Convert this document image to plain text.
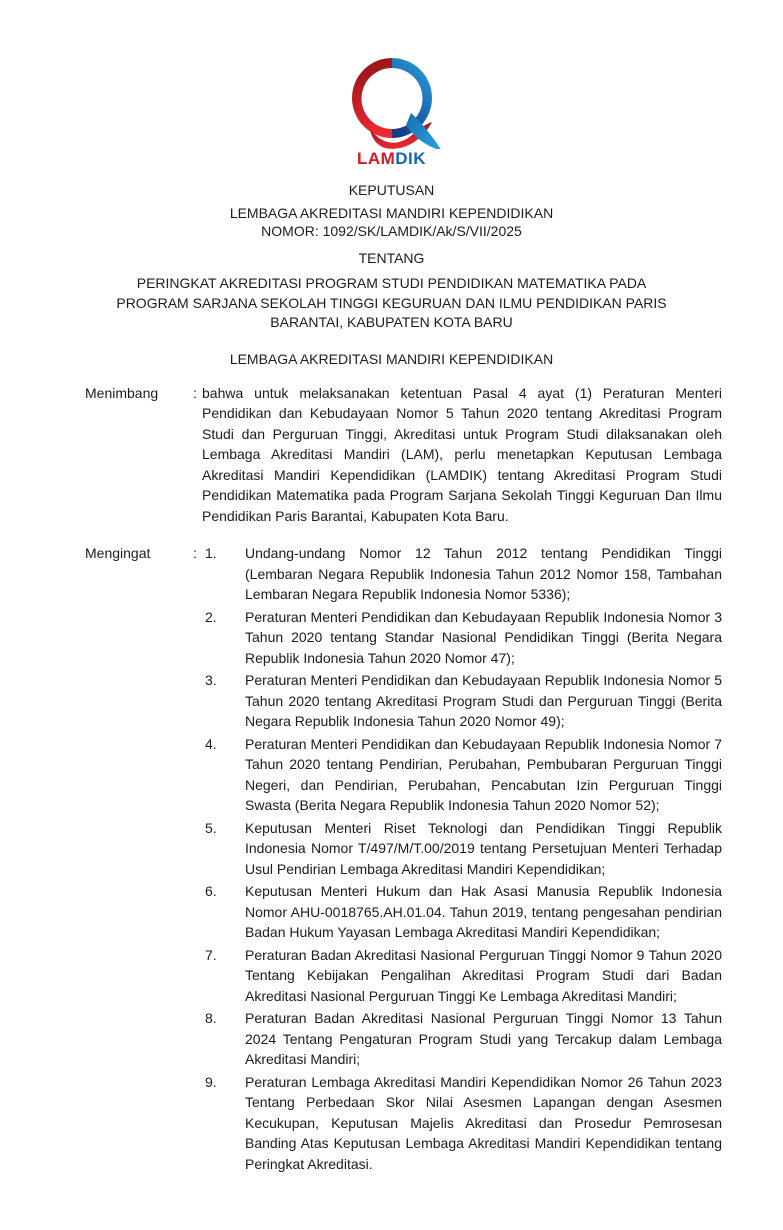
LAMDIK
KEPUTUSAN
LEMBAGA AKREDITASI MANDIRI KEPENDIDIKAN
NOMOR: 1092/SK/LAMDIK/Ak/S/VII/2025
TENTANG
PERINGKAT AKREDITASI PROGRAM STUDI PENDIDIKAN MATEMATIKA PADA
PROGRAM SARJANA SEKOLAH TINGGI KEGURUAN DAN ILMU PENDIDIKAN PARIS
BARANTAI, KABUPATEN KOTA BARU
LEMBAGA AKREDITASI MANDIRI KEPENDIDIKAN
Menimbang	: bahwa untuk melaksanakan ketentuan Pasal 4 ayat (1) Peraturan Menteri Pendidikan dan Kebudayaan Nomor 5 Tahun 2020 tentang Akreditasi Program Studi dan Perguruan Tinggi, Akreditasi untuk Program Studi dilaksanakan oleh Lembaga Akreditasi Mandiri (LAM), perlu menetapkan Keputusan Lembaga Akreditasi Mandiri Kependidikan (LAMDIK) tentang Akreditasi Program Studi Pendidikan Matematika pada Program Sarjana Sekolah Tinggi Keguruan Dan Ilmu Pendidikan Paris Barantai, Kabupaten Kota Baru.
Mengingat	: 1.	Undang-undang Nomor 12 Tahun 2012 tentang Pendidikan Tinggi (Lembaran Negara Republik Indonesia Tahun 2012 Nomor 158, Tambahan Lembaran Negara Republik Indonesia Nomor 5336);
2.	Peraturan Menteri Pendidikan dan Kebudayaan Republik Indonesia Nomor 3 Tahun 2020 tentang Standar Nasional Pendidikan Tinggi (Berita Negara Republik Indonesia Tahun 2020 Nomor 47);
3.	Peraturan Menteri Pendidikan dan Kebudayaan Republik Indonesia Nomor 5 Tahun 2020 tentang Akreditasi Program Studi dan Perguruan Tinggi (Berita Negara Republik Indonesia Tahun 2020 Nomor 49);
4.	Peraturan Menteri Pendidikan dan Kebudayaan Republik Indonesia Nomor 7 Tahun 2020 tentang Pendirian, Perubahan, Pembubaran Perguruan Tinggi Negeri, dan Pendirian, Perubahan, Pencabutan Izin Perguruan Tinggi Swasta (Berita Negara Republik Indonesia Tahun 2020 Nomor 52);
5.	Keputusan Menteri Riset Teknologi dan Pendidikan Tinggi Republik Indonesia Nomor T/497/M/T.00/2019 tentang Persetujuan Menteri Terhadap Usul Pendirian Lembaga Akreditasi Mandiri Kependidikan;
6.	Keputusan Menteri Hukum dan Hak Asasi Manusia Republik Indonesia Nomor AHU-0018765.AH.01.04. Tahun 2019, tentang pengesahan pendirian Badan Hukum Yayasan Lembaga Akreditasi Mandiri Kependidikan;
7.	Peraturan Badan Akreditasi Nasional Perguruan Tinggi Nomor 9 Tahun 2020 Tentang Kebijakan Pengalihan Akreditasi Program Studi dari Badan Akreditasi Nasional Perguruan Tinggi Ke Lembaga Akreditasi Mandiri;
8.	Peraturan Badan Akreditasi Nasional Perguruan Tinggi Nomor 13 Tahun 2024 Tentang Pengaturan Program Studi yang Tercakup dalam Lembaga Akreditasi Mandiri;
9.	Peraturan Lembaga Akreditasi Mandiri Kependidikan Nomor 26 Tahun 2023 Tentang Perbedaan Skor Nilai Asesmen Lapangan dengan Asesmen Kecukupan, Keputusan Majelis Akreditasi dan Prosedur Pemrosesan Banding Atas Keputusan Lembaga Akreditasi Mandiri Kependidikan tentang Peringkat Akreditasi.
